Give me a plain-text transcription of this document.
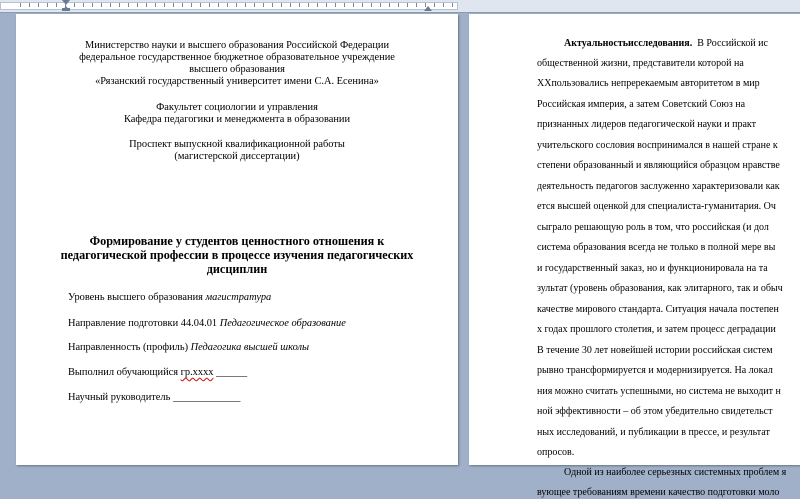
Министерство науки и высшего образования Российской Федерации
федеральное государственное бюджетное образовательное учреждение
высшего образования
«Рязанский государственный университет имени С.А. Есенина»
Факультет социологии и управления
Кафедра педагогики и менеджмента в образовании
Проспект выпускной квалификационной работы
(магистерской диссертации)
Формирование у студентов ценностного отношения к
педагогической профессии в процессе изучения педагогических
дисциплин
Уровень высшего образования магистратура
Направление подготовки 44.04.01 Педагогическое образование
Направленность (профиль) Педагогика высшей школы
Выполнил обучающийся гр.хххх ______
Научный руководитель _____________
Актуальностьисследования. В Российской ис
общественной жизни, представители которой на
XXпользовались непререкаемым авторитетом в мир
Российская империя, а затем Советский Союз на
признанных лидеров педагогической науки и практ
учительского сословия воспринимался в нашей стране к
степени образованный и являющийся образцом нравстве
деятельность педагогов заслуженно характеризовали как
ется высшей оценкой для специалиста-гуманитария. Оч
сыграло решающую роль в том, что российская (и дол
система образования всегда не только в полной мере вы
и государственный заказ, но и функционировала на та
зультат (уровень образования, как элитарного, так и обыч
качестве мирового стандарта. Ситуация начала постепен
х годах прошлого столетия, и затем процесс деградации
В течение 30 лет новейшей истории российская систем
рывно трансформируется и модернизируется. На локал
ния можно считать успешными, но система не выходит н
ной эффективности – об этом убедительно свидетельст
ных исследований, и публикации в прессе, и результат
опросов.
Одной из наиболее серьезных системных проблем я
вующее требованиям времени качество подготовки моло
